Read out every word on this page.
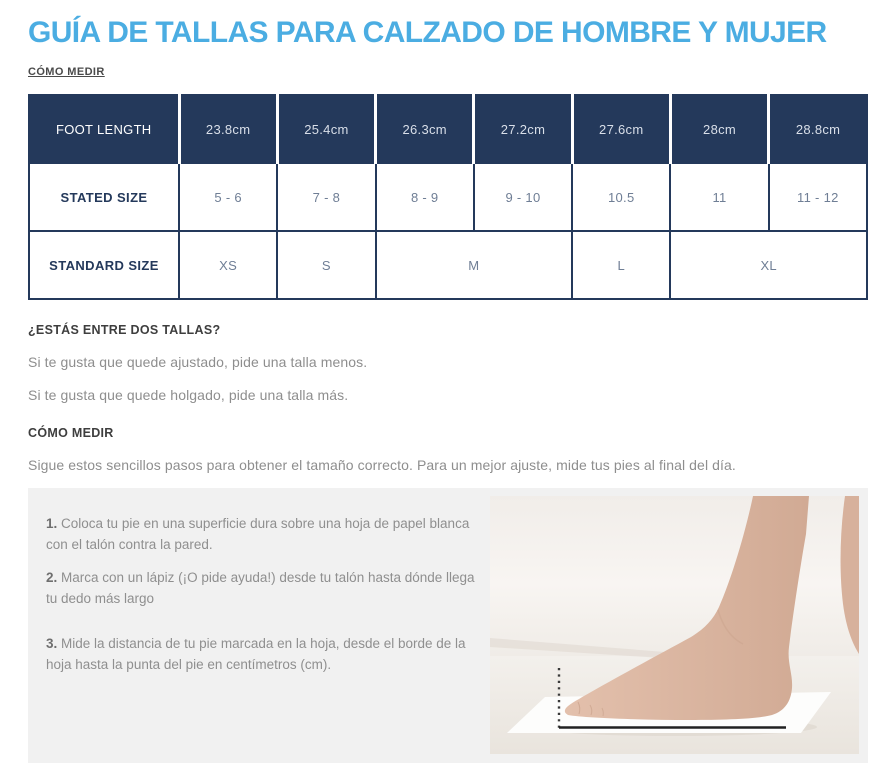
GUÍA DE TALLAS PARA CALZADO DE HOMBRE Y MUJER
CÓMO MEDIR
FOOT LENGTH	23.8cm	25.4cm	26.3cm	27.2cm	27.6cm	28cm	28.8cm
STATED SIZE	5 - 6	7 - 8	8 - 9	9 - 10	10.5	11	11 - 12
STANDARD SIZE	XS	S	M		L	XL	
¿ESTÁS ENTRE DOS TALLAS?

Si te gusta que quede ajustado, pide una talla menos.

Si te gusta que quede holgado, pide una talla más.

CÓMO MEDIR

Sigue estos sencillos pasos para obtener el tamaño correcto. Para un mejor ajuste, mide tus pies al final del día.

1. Coloca tu pie en una superficie dura sobre una hoja de papel blanca con el talón contra la pared.

2. Marca con un lápiz (¡O pide ayuda!) desde tu talón hasta dónde llega tu dedo más largo

3. Mide la distancia de tu pie marcada en la hoja, desde el borde de la hoja hasta la punta del pie en centímetros (cm).
